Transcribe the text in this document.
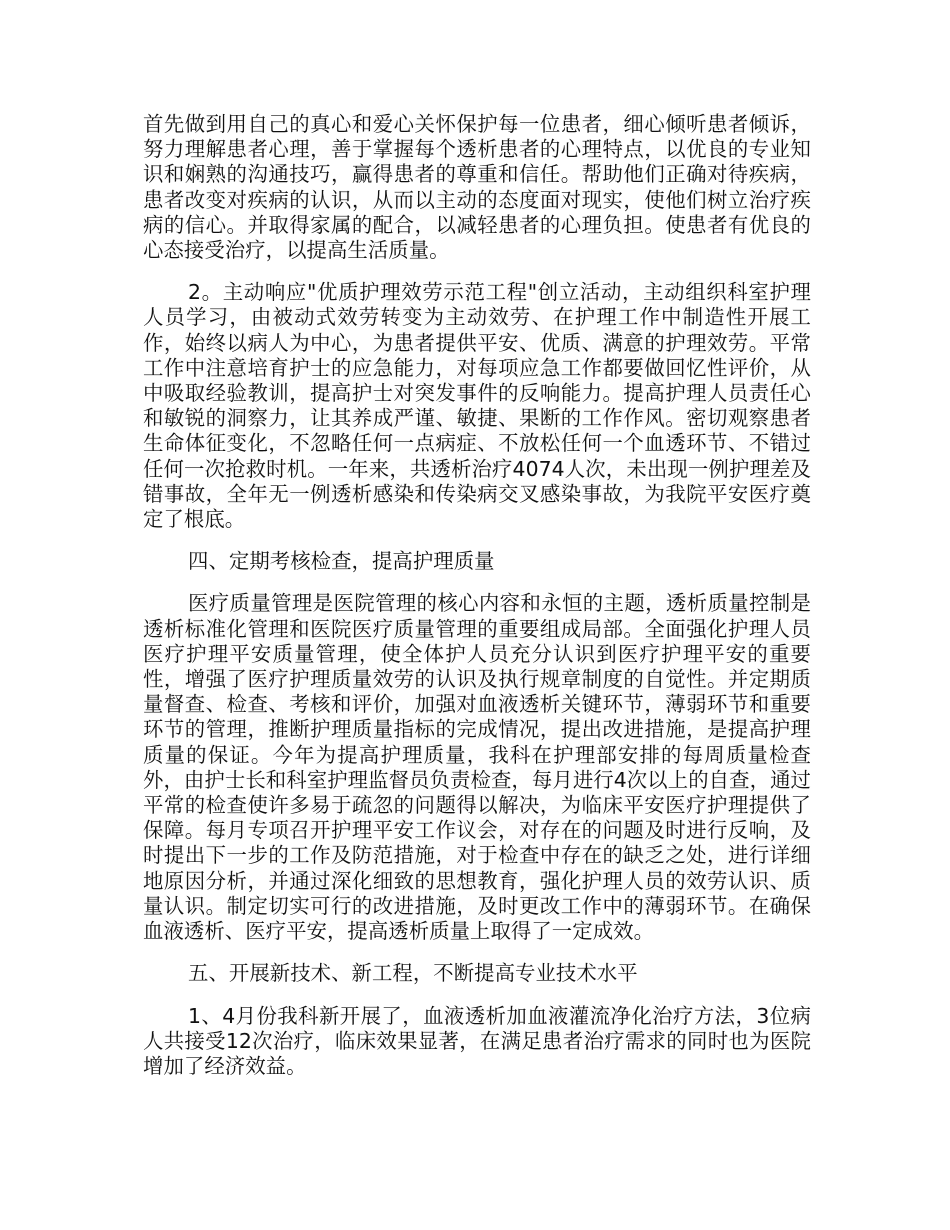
首先做到用自己的真心和爱心关怀保护每一位患者，细心倾听患者倾诉，努力理解患者心理，善于掌握每个透析患者的心理特点，以优良的专业知识和娴熟的沟通技巧，赢得患者的尊重和信任。帮助他们正确对待疾病，患者改变对疾病的认识，从而以主动的态度面对现实，使他们树立治疗疾病的信心。并取得家属的配合，以减轻患者的心理负担。使患者有优良的心态接受治疗，以提高生活质量。

2。主动响应"优质护理效劳示范工程"创立活动，主动组织科室护理人员学习，由被动式效劳转变为主动效劳、在护理工作中制造性开展工作，始终以病人为中心，为患者提供平安、优质、满意的护理效劳。平常工作中注意培育护士的应急能力，对每项应急工作都要做回忆性评价，从中吸取经验教训，提高护士对突发事件的反响能力。提高护理人员责任心和敏锐的洞察力，让其养成严谨、敏捷、果断的工作作风。密切观察患者生命体征变化，不忽略任何一点病症、不放松任何一个血透环节、不错过任何一次抢救时机。一年来，共透析治疗4074人次，未出现一例护理差及错事故，全年无一例透析感染和传染病交叉感染事故，为我院平安医疗奠定了根底。

四、定期考核检查，提高护理质量

医疗质量管理是医院管理的核心内容和永恒的主题，透析质量控制是透析标准化管理和医院医疗质量管理的重要组成局部。全面强化护理人员医疗护理平安质量管理，使全体护人员充分认识到医疗护理平安的重要性，增强了医疗护理质量效劳的认识及执行规章制度的自觉性。并定期质量督查、检查、考核和评价，加强对血液透析关键环节，薄弱环节和重要环节的管理，推断护理质量指标的完成情况，提出改进措施，是提高护理质量的保证。今年为提高护理质量，我科在护理部安排的每周质量检查外，由护士长和科室护理监督员负责检查，每月进行4次以上的自查，通过平常的检查使许多易于疏忽的问题得以解决，为临床平安医疗护理提供了保障。每月专项召开护理平安工作议会，对存在的问题及时进行反响，及时提出下一步的工作及防范措施，对于检查中存在的缺乏之处，进行详细地原因分析，并通过深化细致的思想教育，强化护理人员的效劳认识、质量认识。制定切实可行的改进措施，及时更改工作中的薄弱环节。在确保血液透析、医疗平安，提高透析质量上取得了一定成效。

五、开展新技术、新工程，不断提高专业技术水平

1、4月份我科新开展了，血液透析加血液灌流净化治疗方法，3位病人共接受12次治疗，临床效果显著，在满足患者治疗需求的同时也为医院增加了经济效益。
